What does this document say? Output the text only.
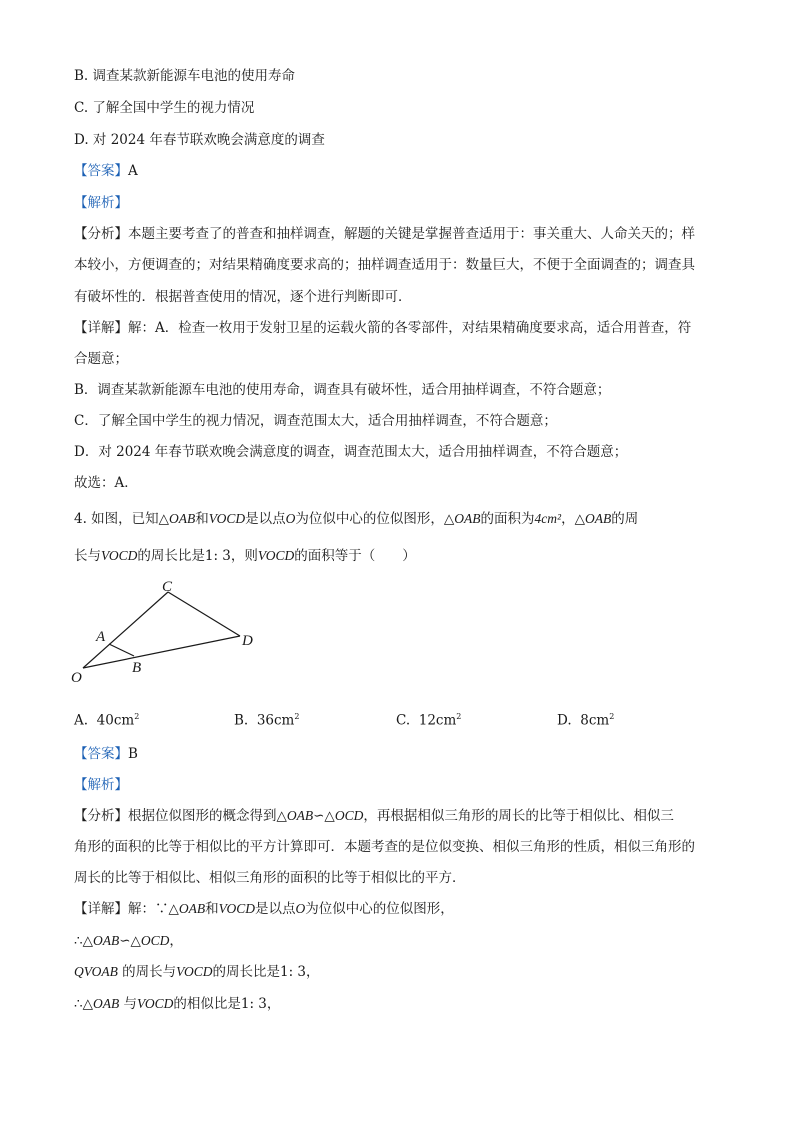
B. 调查某款新能源车电池的使用寿命
C. 了解全国中学生的视力情况
D. 对 2024 年春节联欢晚会满意度的调查
【答案】A
【解析】
【分析】本题主要考查了的普查和抽样调查，解题的关键是掌握普查适用于：事关重大、人命关天的；样
本较小，方便调查的；对结果精确度要求高的；抽样调查适用于：数量巨大，不便于全面调查的；调查具
有破坏性的．根据普查使用的情况，逐个进行判断即可．
【详解】解：A．检查一枚用于发射卫星的运载火箭的各零部件，对结果精确度要求高，适合用普查，符
合题意；
B．调查某款新能源车电池的使用寿命，调查具有破坏性，适合用抽样调查，不符合题意；
C．了解全国中学生的视力情况，调查范围太大，适合用抽样调查，不符合题意；
D．对 2024 年春节联欢晚会满意度的调查，调查范围太大，适合用抽样调查，不符合题意；
故选：A．
4. 如图，已知△OAB和VOCD是以点O为位似中心的位似图形，△OAB的面积为4cm²，△OAB的周
长与VOCD的周长比是1: 3，则VOCD的面积等于（　　）
C
A	D
B
O
A. $40cm^2$	B. $36cm^2$	C. $12cm^2$	D. $8cm^2$
【答案】B
【解析】
【分析】根据位似图形的概念得到△OAB∽△OCD，再根据相似三角形的周长的比等于相似比、相似三
角形的面积的比等于相似比的平方计算即可．本题考查的是位似变换、相似三角形的性质，相似三角形的
周长的比等于相似比、相似三角形的面积的比等于相似比的平方．
【详解】解：∵△OAB和VOCD是以点O为位似中心的位似图形，
∴△OAB∽△OCD，
QVOAB 的周长与VOCD的周长比是1: 3，
∴△OAB 与VOCD的相似比是1: 3，
